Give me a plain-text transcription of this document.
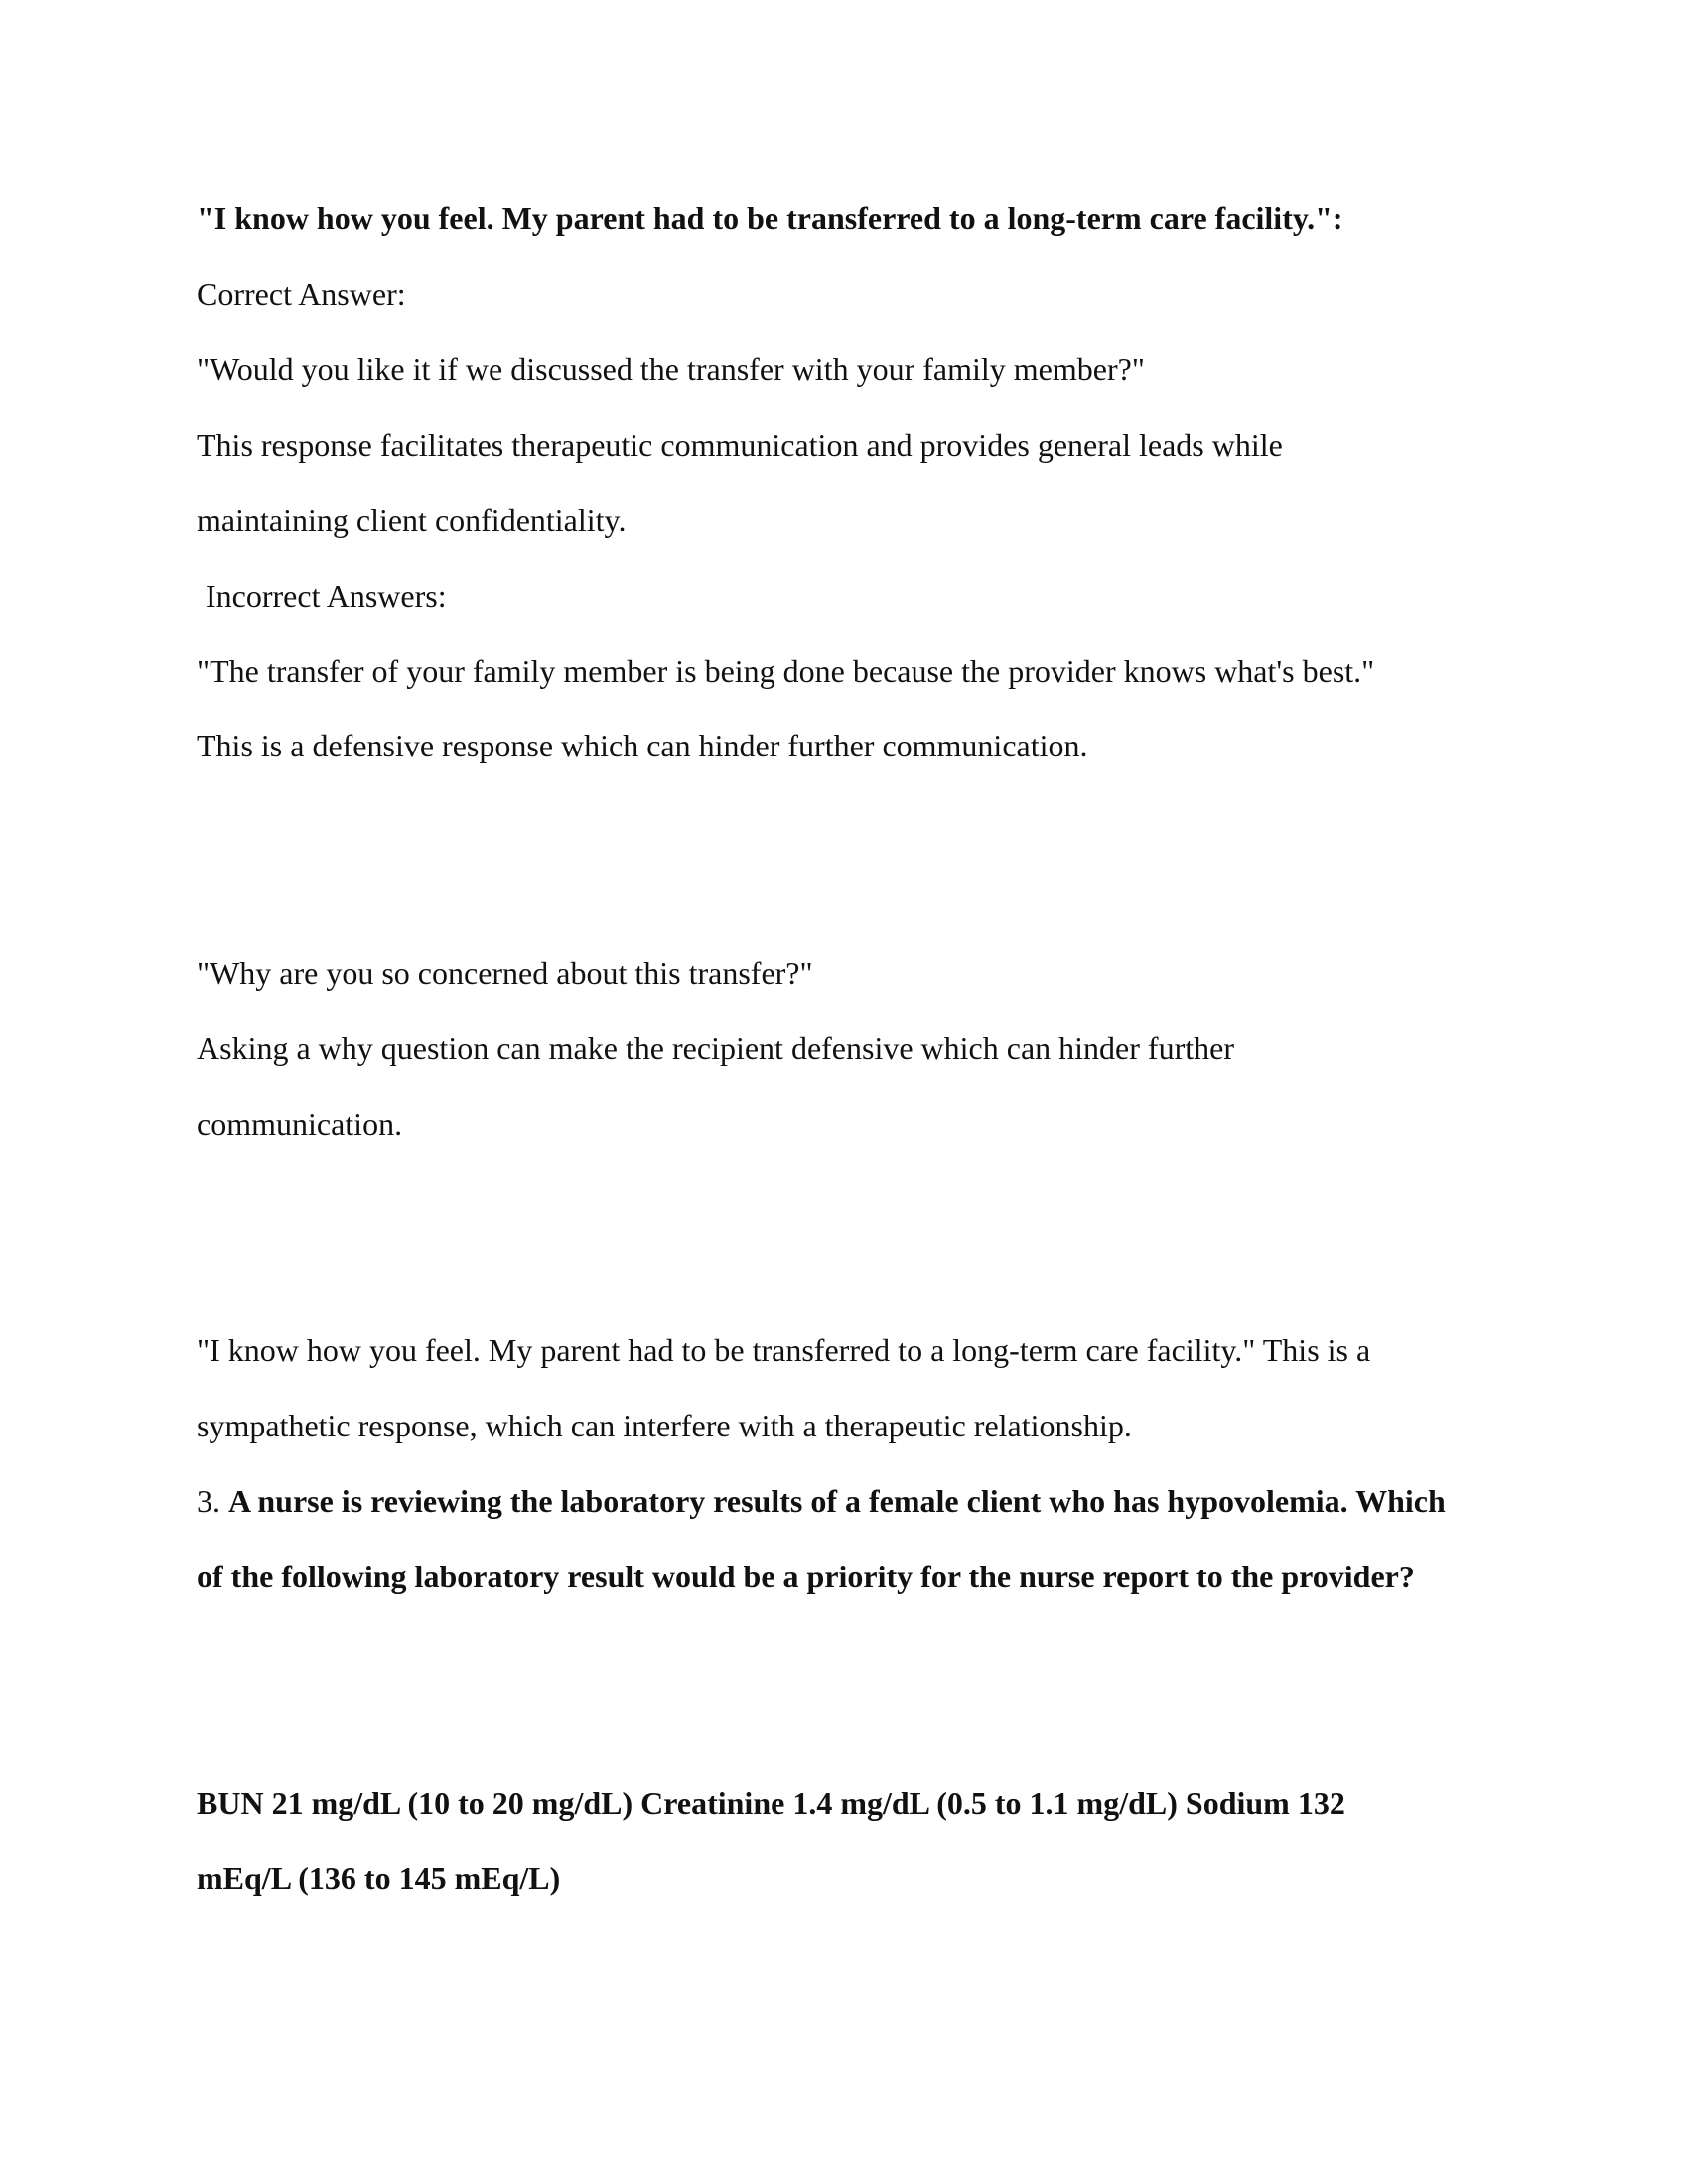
"I know how you feel. My parent had to be transferred to a long-term care facility.":

Correct Answer:

"Would you like it if we discussed the transfer with your family member?"

This response facilitates therapeutic communication and provides general leads while

maintaining client confidentiality.

Incorrect Answers:

"The transfer of your family member is being done because the provider knows what's best."

This is a defensive response which can hinder further communication.

"Why are you so concerned about this transfer?"

Asking a why question can make the recipient defensive which can hinder further

communication.

"I know how you feel. My parent had to be transferred to a long-term care facility." This is a

sympathetic response, which can interfere with a therapeutic relationship.

3. A nurse is reviewing the laboratory results of a female client who has hypovolemia. Which

of the following laboratory result would be a priority for the nurse report to the provider?

BUN 21 mg/dL (10 to 20 mg/dL) Creatinine 1.4 mg/dL (0.5 to 1.1 mg/dL) Sodium 132

mEq/L (136 to 145 mEq/L)
